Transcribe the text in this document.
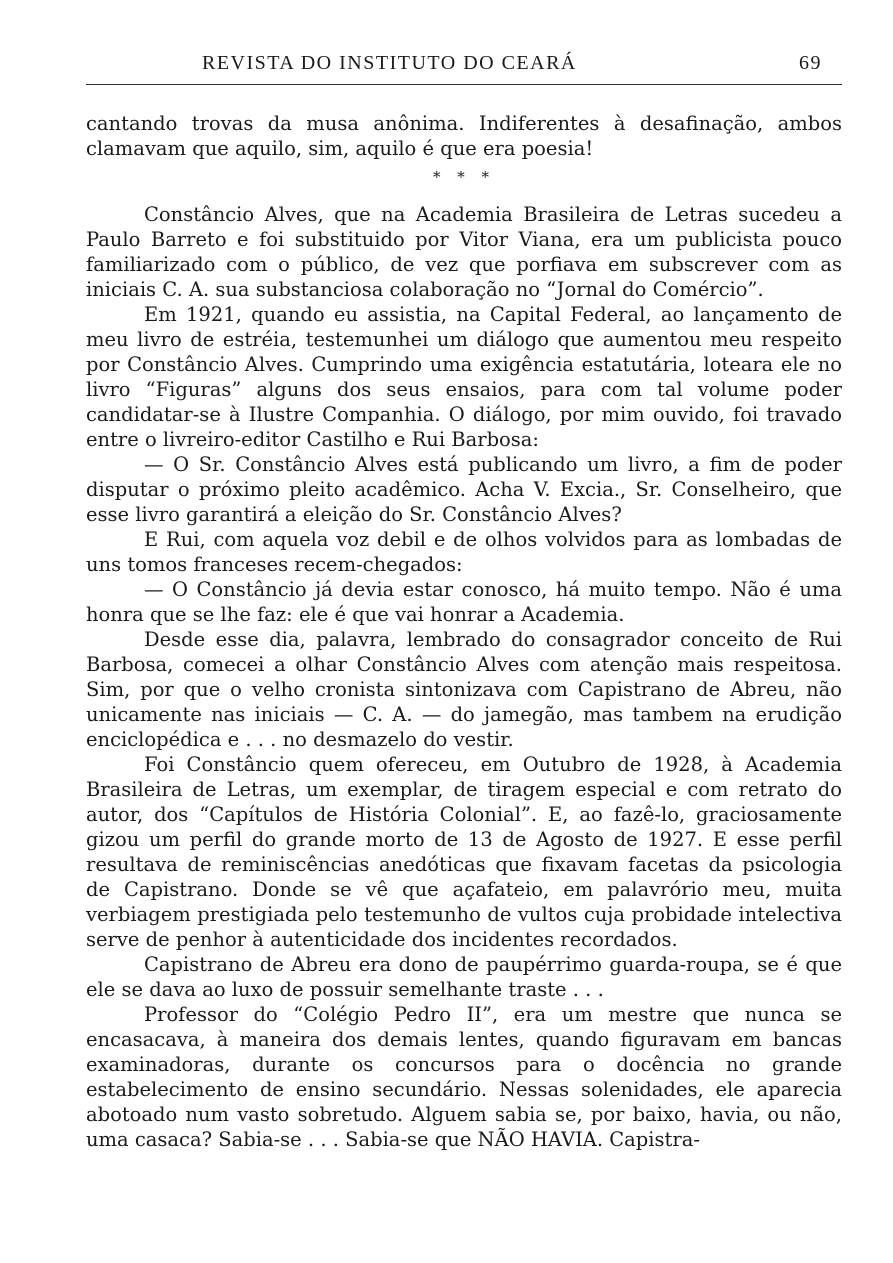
REVISTA DO INSTITUTO DO CEARÁ	69

cantando trovas da musa anônima. Indiferentes à desafinação, ambos clamavam que aquilo, sim, aquilo é que era poesia!

* * *

Constâncio Alves, que na Academia Brasileira de Letras sucedeu a Paulo Barreto e foi substituido por Vitor Viana, era um publicista pouco familiarizado com o público, de vez que porfiava em subscrever com as iniciais C. A. sua substanciosa colaboração no “Jornal do Comércio”.

Em 1921, quando eu assistia, na Capital Federal, ao lançamento de meu livro de estréia, testemunhei um diálogo que aumentou meu respeito por Constâncio Alves. Cumprindo uma exigência estatutária, loteara ele no livro “Figuras” alguns dos seus ensaios, para com tal volume poder candidatar-se à Ilustre Companhia. O diálogo, por mim ouvido, foi travado entre o livreiro-editor Castilho e Rui Barbosa:

— O Sr. Constâncio Alves está publicando um livro, a fim de poder disputar o próximo pleito acadêmico. Acha V. Excia., Sr. Conselheiro, que esse livro garantirá a eleição do Sr. Constâncio Alves?

E Rui, com aquela voz debil e de olhos volvidos para as lombadas de uns tomos franceses recem-chegados:

— O Constâncio já devia estar conosco, há muito tempo. Não é uma honra que se lhe faz: ele é que vai honrar a Academia.

Desde esse dia, palavra, lembrado do consagrador conceito de Rui Barbosa, comecei a olhar Constâncio Alves com atenção mais respeitosa. Sim, por que o velho cronista sintonizava com Capistrano de Abreu, não unicamente nas iniciais — C. A. — do jamegão, mas tambem na erudição enciclopédica e . . . no desmazelo do vestir.

Foi Constâncio quem ofereceu, em Outubro de 1928, à Academia Brasileira de Letras, um exemplar, de tiragem especial e com retrato do autor, dos “Capítulos de História Colonial”. E, ao fazê-lo, graciosamente gizou um perfil do grande morto de 13 de Agosto de 1927. E esse perfil resultava de reminiscências anedóticas que fixavam facetas da psicologia de Capistrano. Donde se vê que açafateio, em palavrório meu, muita verbiagem prestigiada pelo testemunho de vultos cuja probidade intelectiva serve de penhor à autenticidade dos incidentes recordados.

Capistrano de Abreu era dono de paupérrimo guarda-roupa, se é que ele se dava ao luxo de possuir semelhante traste . . .

Professor do “Colégio Pedro II”, era um mestre que nunca se encasacava, à maneira dos demais lentes, quando figuravam em bancas examinadoras, durante os concursos para o docência no grande estabelecimento de ensino secundário. Nessas solenidades, ele aparecia abotoado num vasto sobretudo. Alguem sabia se, por baixo, havia, ou não, uma casaca? Sabia-se . . . Sabia-se que NÃO HAVIA. Capistra-
